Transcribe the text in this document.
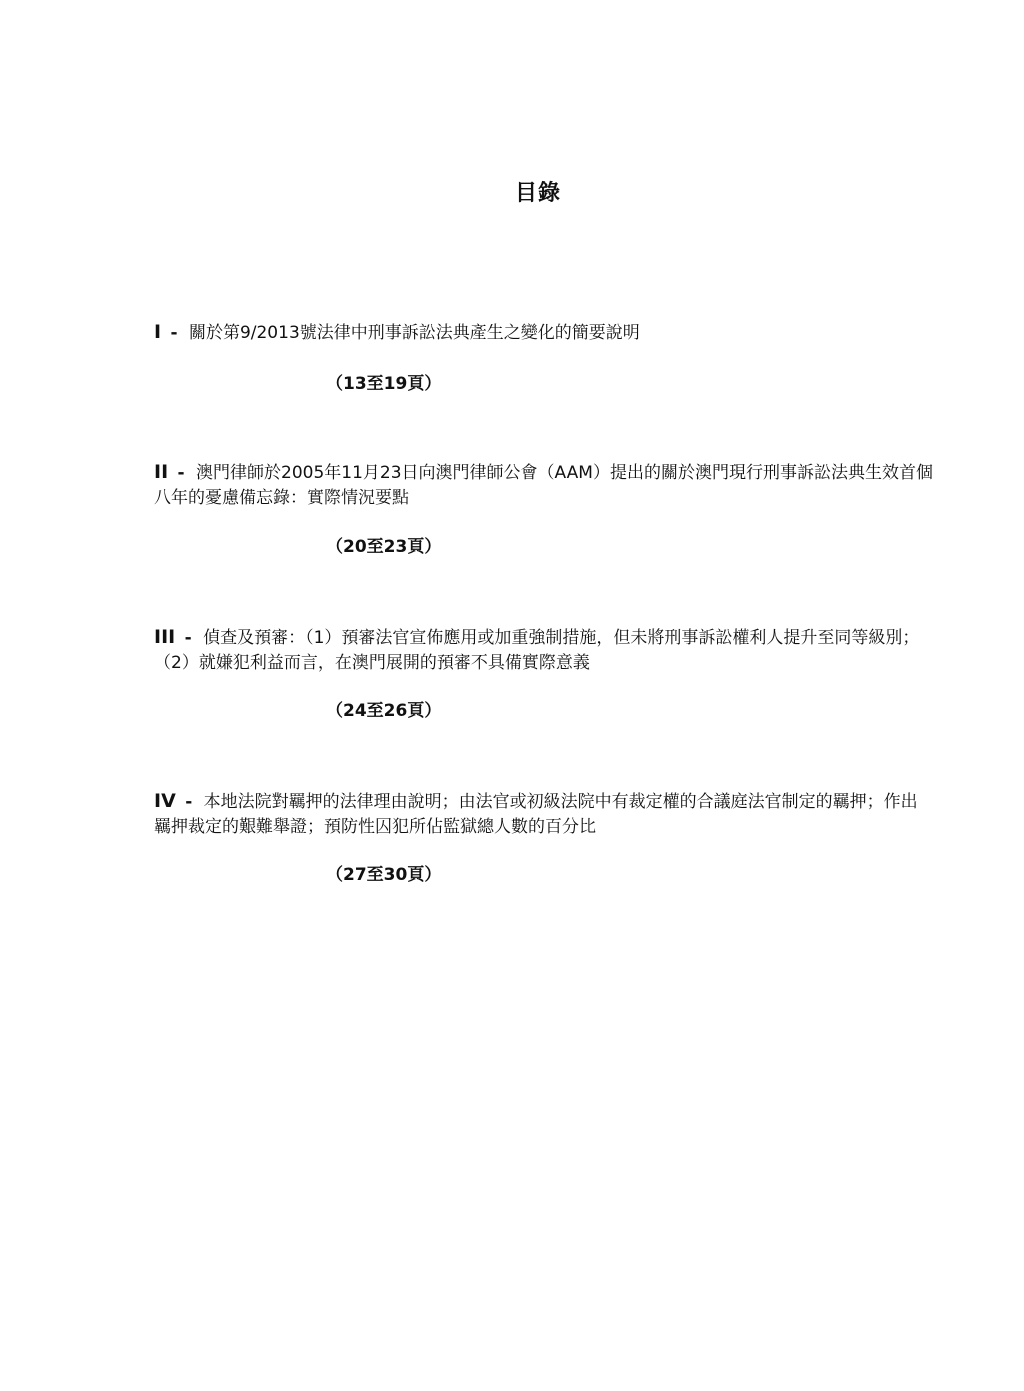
目錄

I - 關於第9/2013號法律中刑事訴訟法典產生之變化的簡要說明

（13至19頁）

II - 澳門律師於2005年11月23日向澳門律師公會（AAM）提出的關於澳門現行刑事訴訟法典生效首個八年的憂慮備忘錄：實際情況要點

（20至23頁）

III - 偵查及預審：（1）預審法官宣佈應用或加重強制措施，但未將刑事訴訟權利人提升至同等級別；（2）就嫌犯利益而言，在澳門展開的預審不具備實際意義

（24至26頁）

IV - 本地法院對羈押的法律理由說明；由法官或初級法院中有裁定權的合議庭法官制定的羈押；作出羈押裁定的艱難舉證；預防性囚犯所佔監獄總人數的百分比

（27至30頁）
